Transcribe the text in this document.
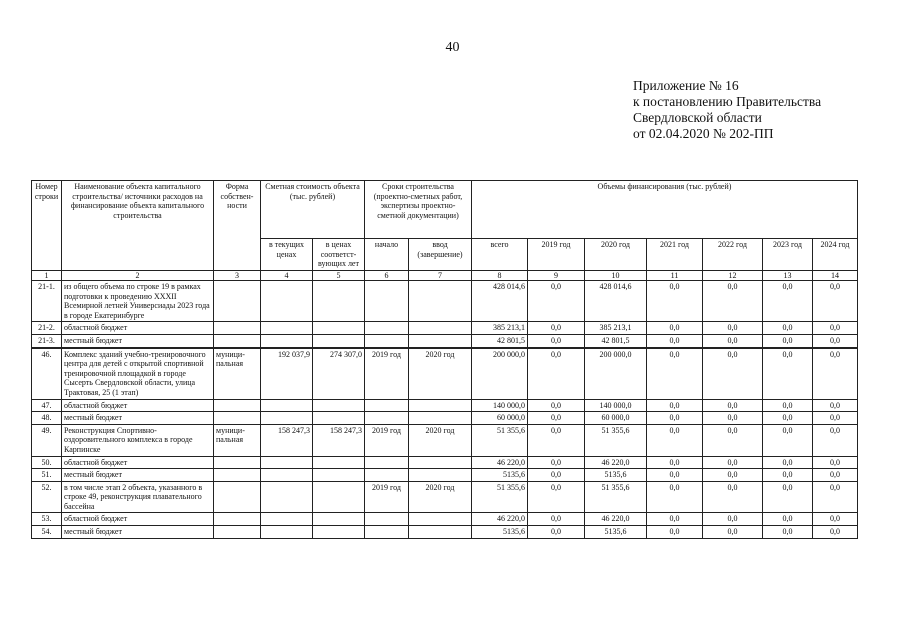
40
Приложение № 16
к постановлению Правительства
Свердловской области
от 02.04.2020 № 202-ПП
Номер строки	Наименование объекта капитального строительства/ источники расходов на финансирование объекта капитального строительства	Форма собствен-ности	Сметная стоимость объекта (тыс. рублей)		Сроки строительства (проектно-сметных работ, экспертизы проектно-сметной документации)		Объемы финансирования (тыс. рублей)						
			в текущих ценах	в ценах соответст-вующих лет	начало	ввод (завершение)	всего	2019 год	2020 год	2021 год	2022 год	2023 год	2024 год
1	2	3	4	5	6	7	8	9	10	11	12	13	14
21-1.	из общего объема по строке 19 в рамках подготовки к проведению XXXII Всемирной летней Универсиады 2023 года в городе Екатеринбурге						428 014,6	0,0	428 014,6	0,0	0,0	0,0	0,0
21-2.	областной бюджет						385 213,1	0,0	385 213,1	0,0	0,0	0,0	0,0
21-3.	местный бюджет						42 801,5	0,0	42 801,5	0,0	0,0	0,0	0,0
46.	Комплекс зданий учебно-тренировочного центра для детей с открытой спортивной тренировочной площадкой в городе Сысерть Свердловской области, улица Трактовая, 25 (1 этап)	муници-пальная	192 037,9	274 307,0	2019 год	2020 год	200 000,0	0,0	200 000,0	0,0	0,0	0,0	0,0
47.	областной бюджет						140 000,0	0,0	140 000,0	0,0	0,0	0,0	0,0
48.	местный бюджет						60 000,0	0,0	60 000,0	0,0	0,0	0,0	0,0
49.	Реконструкция Спортивно-оздоровительного комплекса в городе Карпинске	муници-пальная	158 247,3	158 247,3	2019 год	2020 год	51 355,6	0,0	51 355,6	0,0	0,0	0,0	0,0
50.	областной бюджет						46 220,0	0,0	46 220,0	0,0	0,0	0,0	0,0
51.	местный бюджет						5135,6	0,0	5135,6	0,0	0,0	0,0	0,0
52.	в том числе этап 2 объекта, указанного в строке 49, реконструкция плавательного бассейна				2019 год	2020 год	51 355,6	0,0	51 355,6	0,0	0,0	0,0	0,0
53.	областной бюджет						46 220,0	0,0	46 220,0	0,0	0,0	0,0	0,0
54.	местный бюджет						5135,6	0,0	5135,6	0,0	0,0	0,0	0,0
